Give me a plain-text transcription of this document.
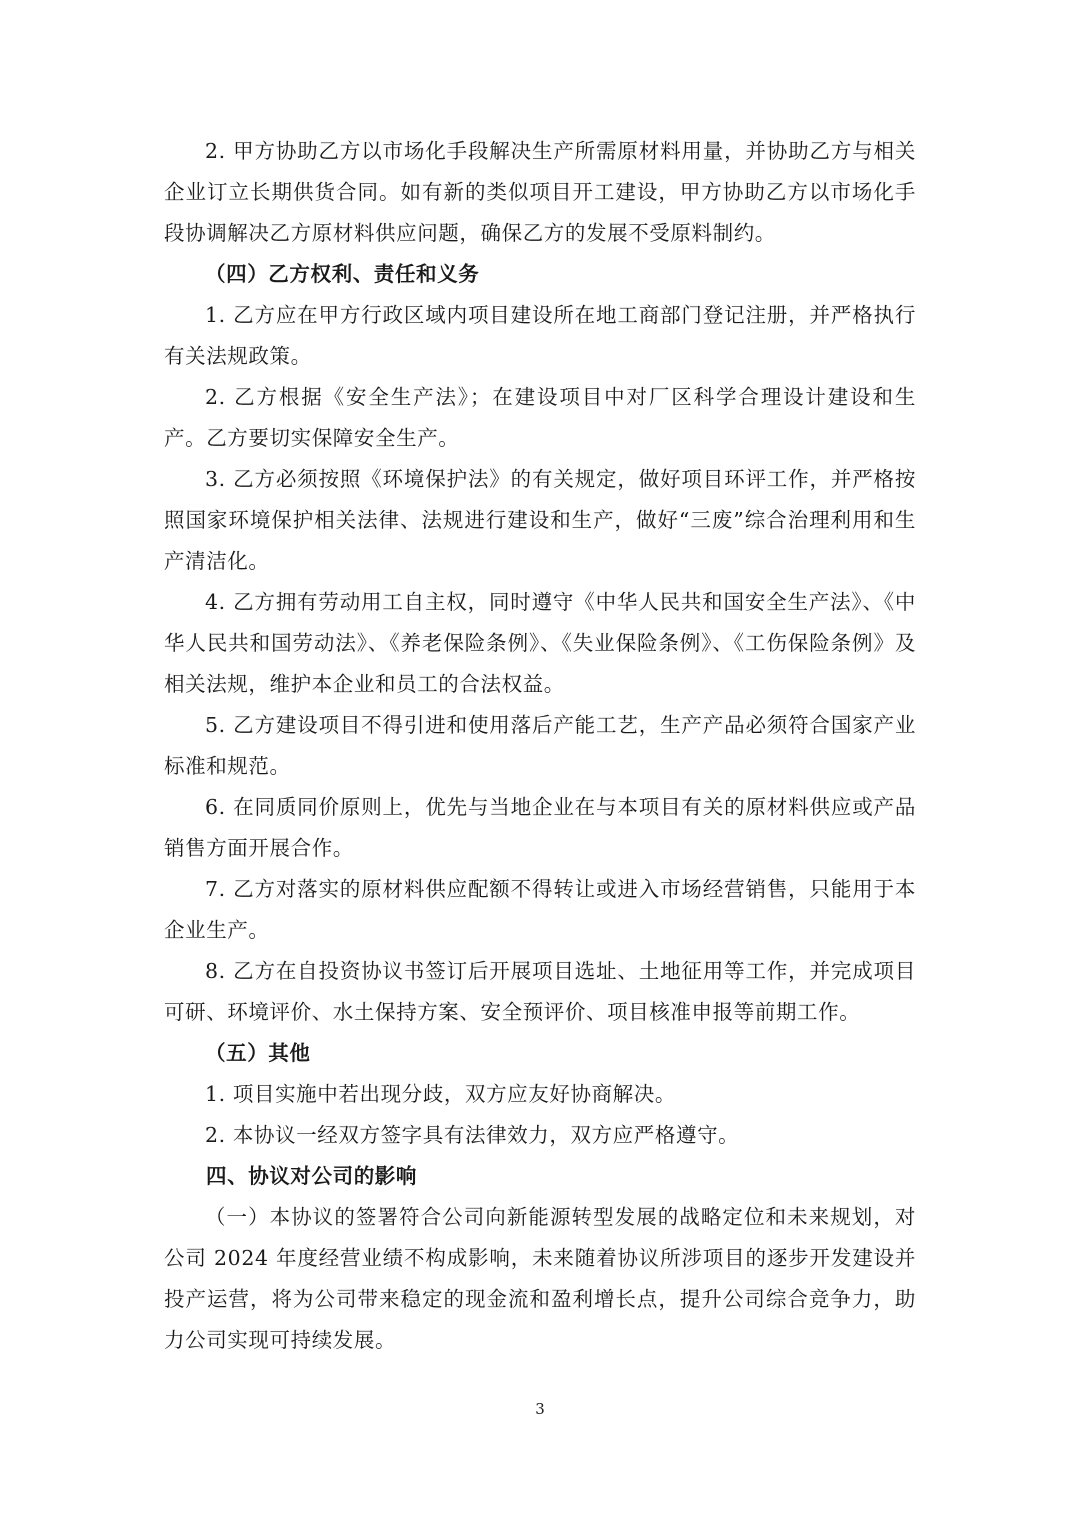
2. 甲方协助乙方以市场化手段解决生产所需原材料用量，并协助乙方与相关企业订立长期供货合同。如有新的类似项目开工建设，甲方协助乙方以市场化手段协调解决乙方原材料供应问题，确保乙方的发展不受原料制约。

（四）乙方权利、责任和义务

1. 乙方应在甲方行政区域内项目建设所在地工商部门登记注册，并严格执行有关法规政策。

2. 乙方根据《安全生产法》；在建设项目中对厂区科学合理设计建设和生产。乙方要切实保障安全生产。

3. 乙方必须按照《环境保护法》的有关规定，做好项目环评工作，并严格按照国家环境保护相关法律、法规进行建设和生产，做好“三废”综合治理利用和生产清洁化。

4. 乙方拥有劳动用工自主权，同时遵守《中华人民共和国安全生产法》、《中华人民共和国劳动法》、《养老保险条例》、《失业保险条例》、《工伤保险条例》及相关法规，维护本企业和员工的合法权益。

5. 乙方建设项目不得引进和使用落后产能工艺，生产产品必须符合国家产业标准和规范。

6. 在同质同价原则上，优先与当地企业在与本项目有关的原材料供应或产品销售方面开展合作。

7. 乙方对落实的原材料供应配额不得转让或进入市场经营销售，只能用于本企业生产。

8. 乙方在自投资协议书签订后开展项目选址、土地征用等工作，并完成项目可研、环境评价、水土保持方案、安全预评价、项目核准申报等前期工作。

（五）其他

1. 项目实施中若出现分歧，双方应友好协商解决。

2. 本协议一经双方签字具有法律效力，双方应严格遵守。

四、协议对公司的影响

（一）本协议的签署符合公司向新能源转型发展的战略定位和未来规划，对公司 2024 年度经营业绩不构成影响，未来随着协议所涉项目的逐步开发建设并投产运营，将为公司带来稳定的现金流和盈利增长点，提升公司综合竞争力，助力公司实现可持续发展。

3
